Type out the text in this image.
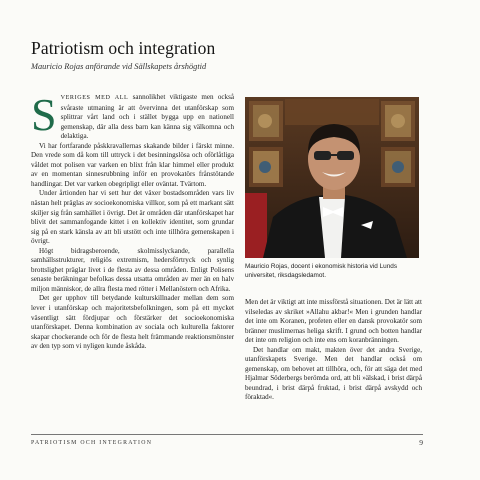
Patriotism och integration
Mauricio Rojas anförande vid Sällskapets årshögtid

SVERIGES MED ALL sannolikhet viktigaste men också svåraste utmaning är att övervinna det utanförskap som splittrar vårt land och i stället bygga upp en nationell gemenskap, där alla dess barn kan känna sig välkomna och delaktiga.

Vi har fortfarande påskkravallernas skakande bilder i färskt minne. Den vrede som då kom till uttryck i det besinningslösa och oförlåtliga våldet mot polisen var varken en blixt från klar himmel eller produkt av en momentan sinnesrubbning inför en provokatörs frånstötande handlingar. Det var varken obegripligt eller oväntat. Tvärtom.

Under årtionden har vi sett hur det växer bostadsområden vars liv nästan helt präglas av socioekonomiska villkor, som på ett markant sätt skiljer sig från samhället i övrigt. Det är områden där utanförskapet har blivit det sammanfogande kittet i en kollektiv identitet, som grundar sig på en stark känsla av att bli utstött och inte tillhöra gemenskapen i övrigt.

Högt bidragsberoende, skolmisslyckande, parallella samhällsstrukturer, religiös extremism, hedersförtryck och synlig brottslighet präglar livet i de flesta av dessa områden. Enligt Polisens senaste beräkningar befolkas dessa utsatta områden av mer än en halv miljon människor, de allra flesta med rötter i Mellanöstern och Afrika.

Det ger upphov till betydande kulturskillnader mellan dem som lever i utanförskap och majoritetsbefolkningen, som på ett mycket väsentligt sätt fördjupar och förstärker det socioekonomiska utanförskapet. Denna kombination av sociala och kulturella faktorer skapar chockerande och för de flesta helt främmande reaktionsmönster av den typ som vi nyligen kunde åskåda.

Mauricio Rojas, docent i ekonomisk historia vid Lunds universitet, riksdagsledamot.

Men det är viktigt att inte missförstå situationen. Det är lätt att vilseledas av skriket »Allahu akbar!« Men i grunden handlar det inte om Koranen, profeten eller en dansk provokatör som bränner muslimernas heliga skrift. I grund och botten handlar det inte om religion och inte ens om koranbränningen.

Det handlar om makt, makten över det andra Sverige, utanförskapets Sverige. Men det handlar också om gemenskap, om behovet att tillhöra, och, för att säga det med Hjalmar Söderbergs berömda ord, att bli »älskad, i brist därpå beundrad, i brist därpå fruktad, i brist därpå avskydd och föraktad«.

PATRIOTISM OCH INTEGRATION	9
